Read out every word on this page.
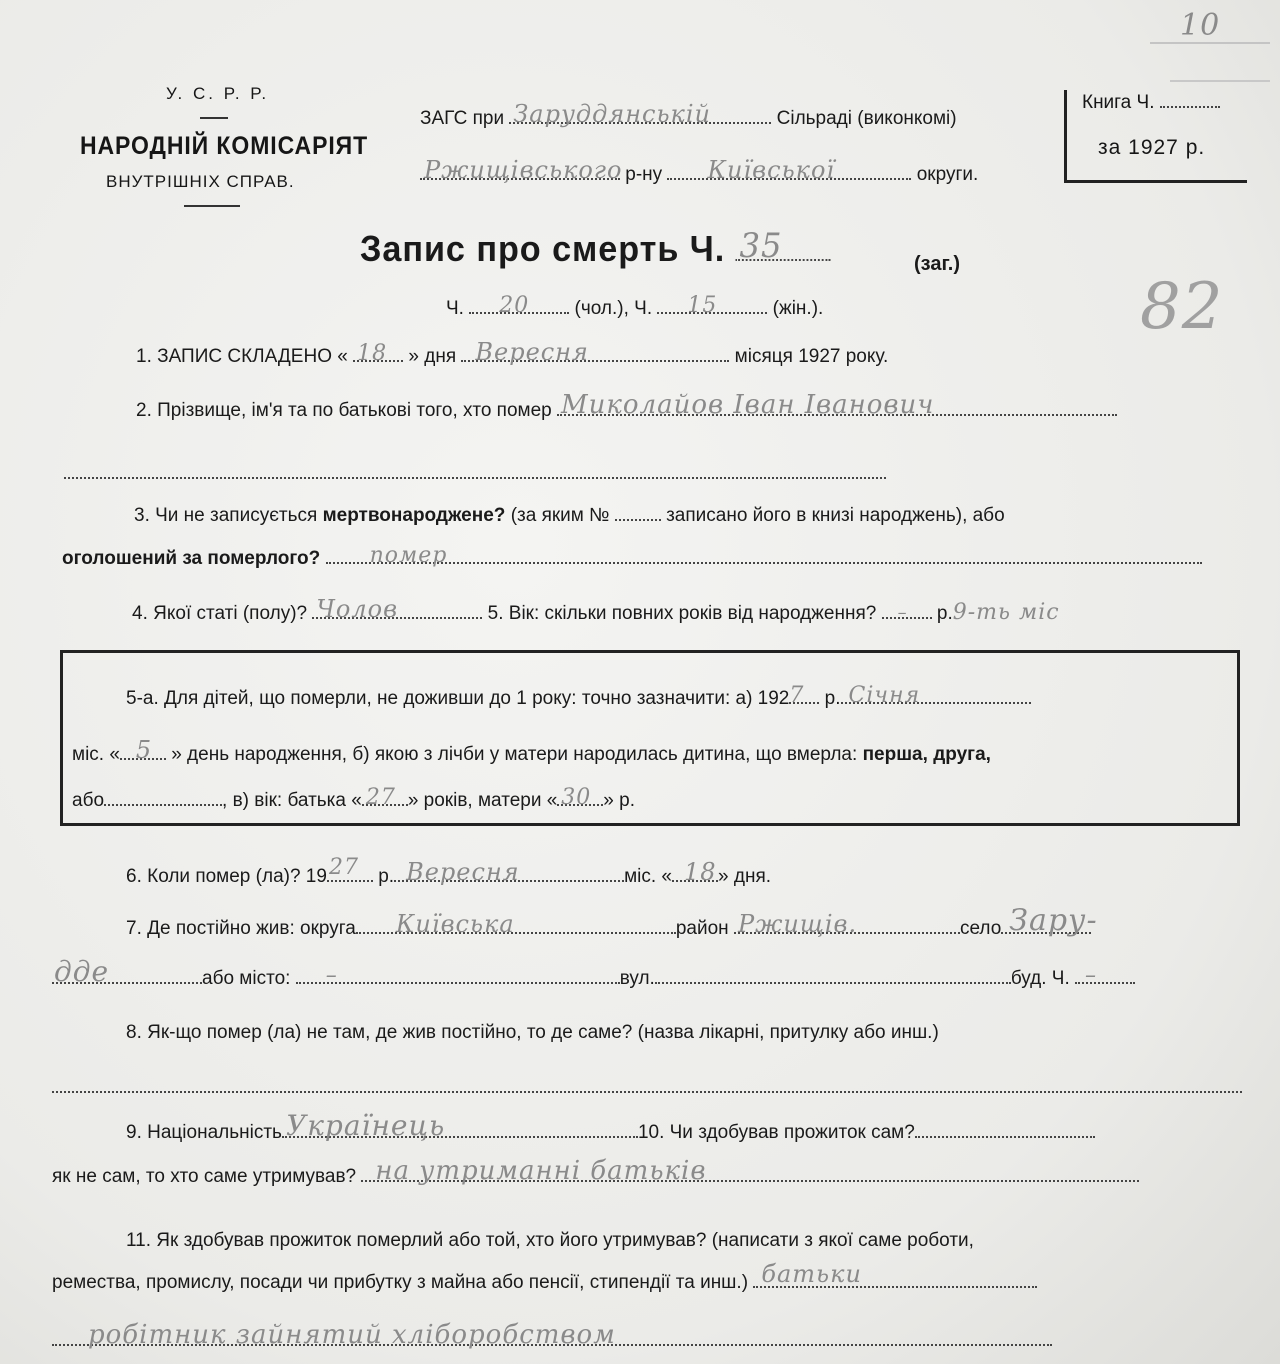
10
У. С. Р. Р.
НАРОДНІЙ КОМІСАРІЯТ
ВНУТРІШНІХ СПРАВ.
ЗАГС при Заруддянській	Сільраді (виконкомі)
Ржищівського р-ну Київської	округи.
Книга Ч.
за 1927 р.
82
Запис про смерть Ч. 35	(заг.)
Ч. 20 (чол.), Ч. 15	(жін.).
1. ЗАПИС СКЛАДЕНО « 18 » дня Вересня	місяця 1927 року.
2. Прізвище, ім'я та по батькові того, хто помер Миколайов Іван Іванович
3. Чи не записується мертвонароджене? (за яким №	записано його в книзі народжень), або
оголошений за померлого? помер
4. Якої статі (полу)? Чолов	5. Вік: скільки повних років від народження? – р.9-ть міс
5-а. Для дітей, що померли, не доживши до 1 року: точно зазначити: а) 192 7 р. Січня
міс. « 5 » день народження, б) якою з лічби у матери народилась дитина, що вмерла: перша, друга,
або	, в) вік: батька « 27 » років, матери « 30 » р.
6. Коли помер (ла)? 19 27 р. Вересня	міс. « 18 » дня.
7. Де постійно жив: округа Київська	район Ржищів.	село Зару-
дде	або місто: –	вул.	буд. Ч. –
8. Як-що помер (ла) не там, де жив постійно, то де саме? (назва лікарні, притулку або инш.)
9. Національність Українець	10. Чи здобував прожиток сам?
як не сам, то хто саме утримував? на утриманні батьків
11. Як здобував прожиток померлий або той, хто його утримував? (написати з якої саме роботи,
ремества, промислу, посади чи прибутку з майна або пенсії, стипендії та инш.) батьки
робітник зайнятий хліборобством
